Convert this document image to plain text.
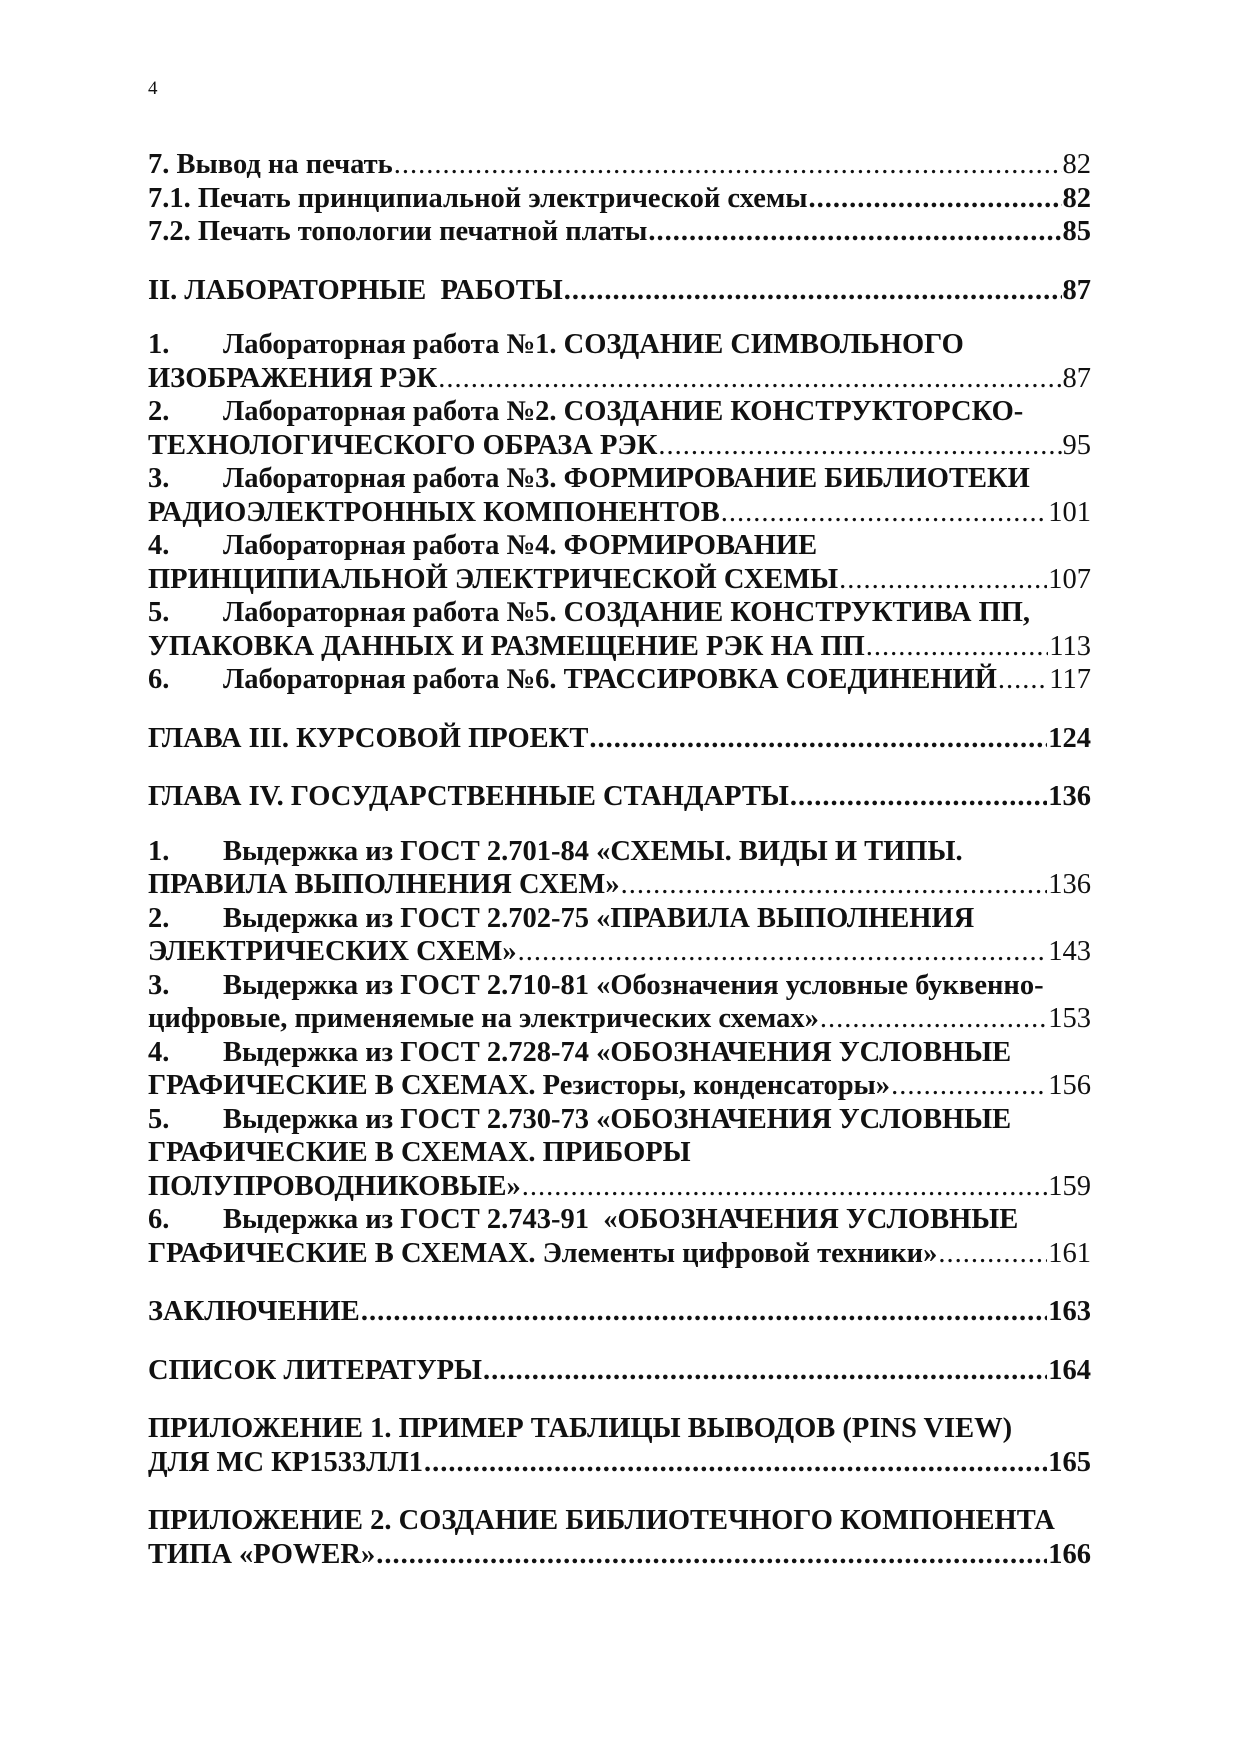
4
7. Вывод на печать .....	82
7.1. Печать принципиальной электрической схемы .....	82
7.2. Печать топологии печатной платы .....	85
II. ЛАБОРАТОРНЫЕ  РАБОТЫ .....	87
1.	Лабораторная работа №1. СОЗДАНИЕ СИМВОЛЬНОГО
ИЗОБРАЖЕНИЯ РЭК .....	87
2.	Лабораторная работа №2. СОЗДАНИЕ КОНСТРУКТОРСКО-
ТЕХНОЛОГИЧЕСКОГО ОБРАЗА РЭК .....	95
3.	Лабораторная работа №3. ФОРМИРОВАНИЕ БИБЛИОТЕКИ
РАДИОЭЛЕКТРОННЫХ КОМПОНЕНТОВ .....	101
4.	Лабораторная работа №4. ФОРМИРОВАНИЕ
ПРИНЦИПИАЛЬНОЙ ЭЛЕКТРИЧЕСКОЙ СХЕМЫ .....	107
5.	Лабораторная работа №5. СОЗДАНИЕ КОНСТРУКТИВА ПП,
УПАКОВКА ДАННЫХ И РАЗМЕЩЕНИЕ РЭК НА ПП .....	113
6.	Лабораторная работа №6. ТРАССИРОВКА СОЕДИНЕНИЙ ..... 117
ГЛАВА III. КУРСОВОЙ ПРОЕКТ .....	124
ГЛАВА IV. ГОСУДАРСТВЕННЫЕ СТАНДАРТЫ .....	136
1.	Выдержка из ГОСТ 2.701-84 «СХЕМЫ. ВИДЫ И ТИПЫ.
ПРАВИЛА ВЫПОЛНЕНИЯ СХЕМ» .....	136
2.	Выдержка из ГОСТ 2.702-75 «ПРАВИЛА ВЫПОЛНЕНИЯ
ЭЛЕКТРИЧЕСКИХ СХЕМ» .....	143
3.	Выдержка из ГОСТ 2.710-81 «Обозначения условные буквенно-
цифровые, применяемые на электрических схемах» .....	153
4.	Выдержка из ГОСТ 2.728-74 «ОБОЗНАЧЕНИЯ УСЛОВНЫЕ
ГРАФИЧЕСКИЕ В СХЕМАХ. Резисторы, конденсаторы» .....	156
5.	Выдержка из ГОСТ 2.730-73 «ОБОЗНАЧЕНИЯ УСЛОВНЫЕ
ГРАФИЧЕСКИЕ В СХЕМАХ. ПРИБОРЫ
ПОЛУПРОВОДНИКОВЫЕ» .....	159
6.	Выдержка из ГОСТ 2.743-91  «ОБОЗНАЧЕНИЯ УСЛОВНЫЕ
ГРАФИЧЕСКИЕ В СХЕМАХ. Элементы цифровой техники» .....	161
ЗАКЛЮЧЕНИЕ .....	163
СПИСОК ЛИТЕРАТУРЫ .....	164
ПРИЛОЖЕНИЕ 1. ПРИМЕР ТАБЛИЦЫ ВЫВОДОВ (PINS VIEW)
ДЛЯ МС КР1533ЛЛ1 .....	165
ПРИЛОЖЕНИЕ 2. СОЗДАНИЕ БИБЛИОТЕЧНОГО КОМПОНЕНТА
ТИПА «POWER» .....	166
